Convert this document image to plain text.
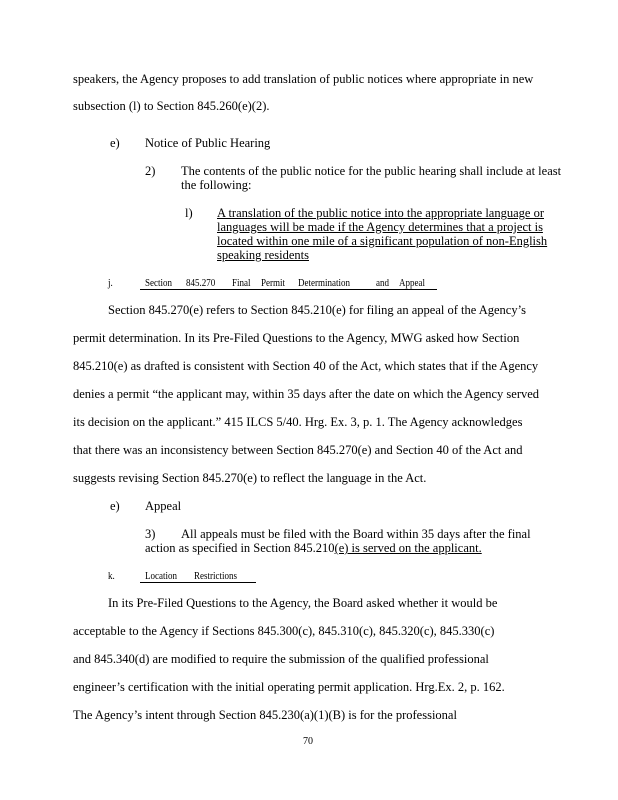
speakers, the Agency proposes to add translation of public notices where appropriate in new
subsection (l) to Section 845.260(e)(2).
e) Notice of Public Hearing
2) The contents of the public notice for the public hearing shall include at least
the following:
l) A translation of the public notice into the appropriate language or
languages will be made if the Agency determines that a project is
located within one mile of a significant population of non-English
speaking residents
j.	Section 845.270 Final Permit Determination	and Appeal
Section 845.270(e) refers to Section 845.210(e) for filing an appeal of the Agency’s
permit determination. In its Pre-Filed Questions to the Agency, MWG asked how Section
845.210(e) as drafted is consistent with Section 40 of the Act, which states that if the Agency
denies a permit “the applicant may, within 35 days after the date on which the Agency served
its decision on the applicant.” 415 ILCS 5/40. Hrg. Ex. 3, p. 1. The Agency acknowledges
that there was an inconsistency between Section 845.270(e) and Section 40 of the Act and
suggests revising Section 845.270(e) to reflect the language in the Act.
e) Appeal
3) All appeals must be filed with the Board within 35 days after the final
action as specified in Section 845.210(e) is served on the applicant.
k.	Location Restrictions
In its Pre-Filed Questions to the Agency, the Board asked whether it would be
acceptable to the Agency if Sections 845.300(c), 845.310(c), 845.320(c), 845.330(c)
and 845.340(d) are modified to require the submission of the qualified professional
engineer’s certification with the initial operating permit application. Hrg.Ex. 2, p. 162.
The Agency’s intent through Section 845.230(a)(1)(B) is for the professional
70
